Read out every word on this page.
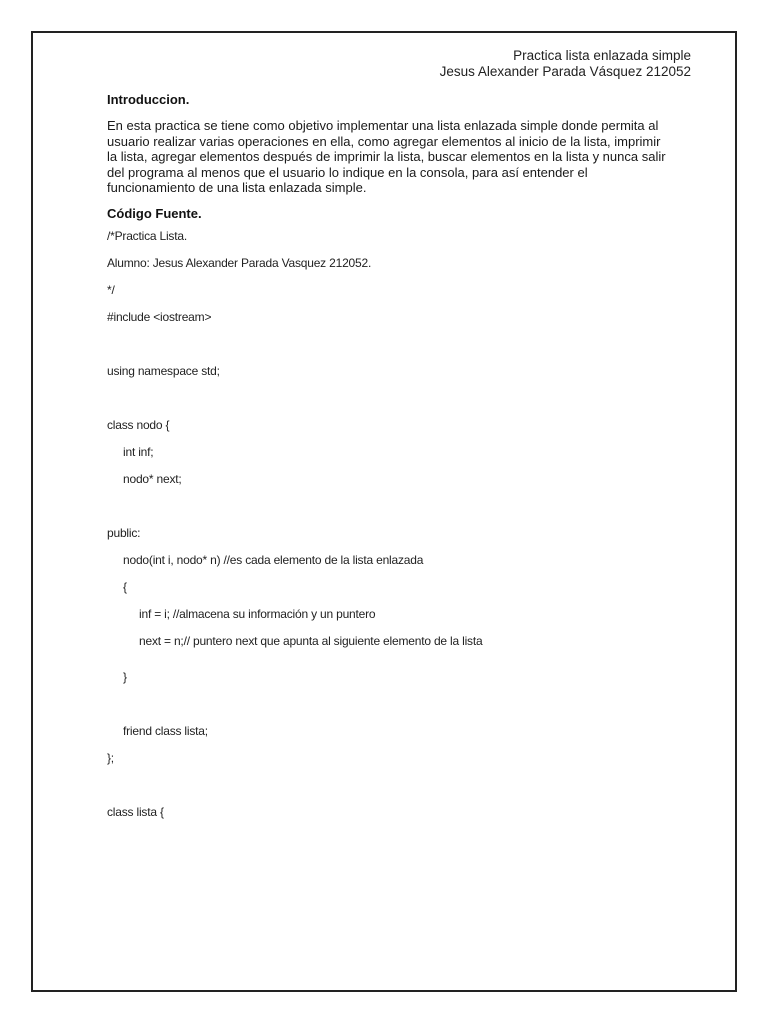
Practica lista enlazada simple
Jesus Alexander Parada Vásquez 212052

Introduccion.

En esta practica se tiene como objetivo implementar una lista enlazada simple donde permita al usuario realizar varias operaciones en ella, como agregar elementos al inicio de la lista, imprimir la lista, agregar elementos después de imprimir la lista, buscar elementos en la lista y nunca salir del programa al menos que el usuario lo indique en la consola, para así entender el funcionamiento de una lista enlazada simple.

Código Fuente.

/*Practica Lista.
Alumno: Jesus Alexander Parada Vasquez 212052.
*/
#include <iostream>
using namespace std;
class nodo {
int inf;
nodo* next;
public:
nodo(int i, nodo* n) //es cada elemento de la lista enlazada
{
inf = i; //almacena su información y un puntero
next = n;// puntero next que apunta al siguiente elemento de la lista
}
friend class lista;
};
class lista {
